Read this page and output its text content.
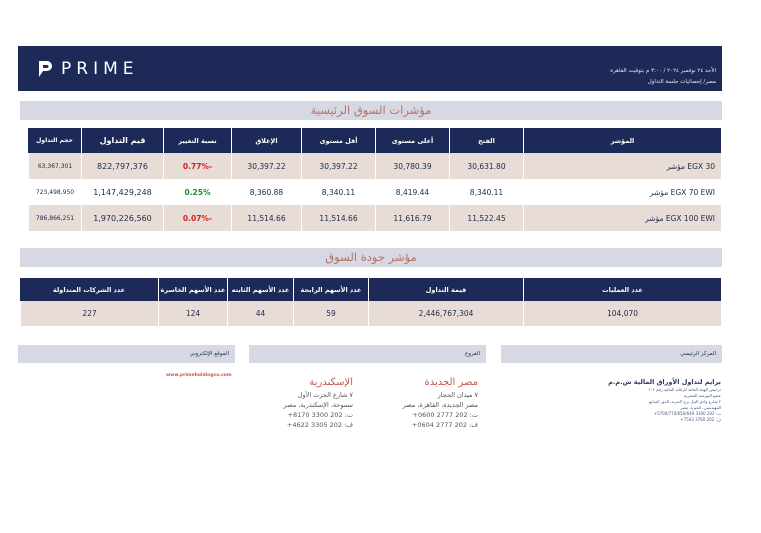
PRIME	الأحد ٢٤ نوفمبر ٢٠٢٤ / ٣:٠٠ م بتوقيت القاهرة
مصر/ إحصائيات جلسة التداول
مؤشرات السوق الرئيسية
المؤشر
الفتح
أعلى مستوى
أقل مستوى
الإغلاق
نسبة التغيير
قيم التداول
حجم التداول
مؤشر EGX 30
30,631.80
30,780.39
30,397.22
30,397.22
-0.77%
822,797,376
63,367,301
مؤشر EGX 70 EWI
8,340.11
8,419.44
8,340.11
8,360.88
0.25%
1,147,429,248
723,498,950
مؤشر EGX 100 EWI
11,522.45
11,616.79
11,514.66
11,514.66
-0.07%
1,970,226,560
786,866,251
مؤشر جودة السوق
عدد العمليات
قيمة التداول
عدد الأسهم الرابحة
عدد الأسهم الثابته
عدد الأسهم الخاسرة
عدد الشركات المتداولة
104,070
2,446,767,304
59
44
124
227
المركز الرئيسي
الفروع
الموقع الإلكتروني
برايم لتداول الأوراق المالية ش.م.م
ترخيص الهيئة العامة للرقابة المالية رقم ٢٠٢
عضو البورصة المصرية
٢ شارع وادي النيل برج الحرية، الدور السابع
المهندسين، الجيزة، مصر
ت: 202 3300 5700/770/650/649+
ف: 202 3760 7543+
مصر الجديدة
٧ ميدان الحجاز
مصر الجديدة، القاهرة، مصر
ت: 202 2777 0600+
ف: 202 2777 0604+
الإسكندرية
٧ شارع الجزت الأول
سموحة، الإسكندرية، مصر
ت: 202 3300 8170+
ف: 202 3305 4622+
www.primeholdingco.com
